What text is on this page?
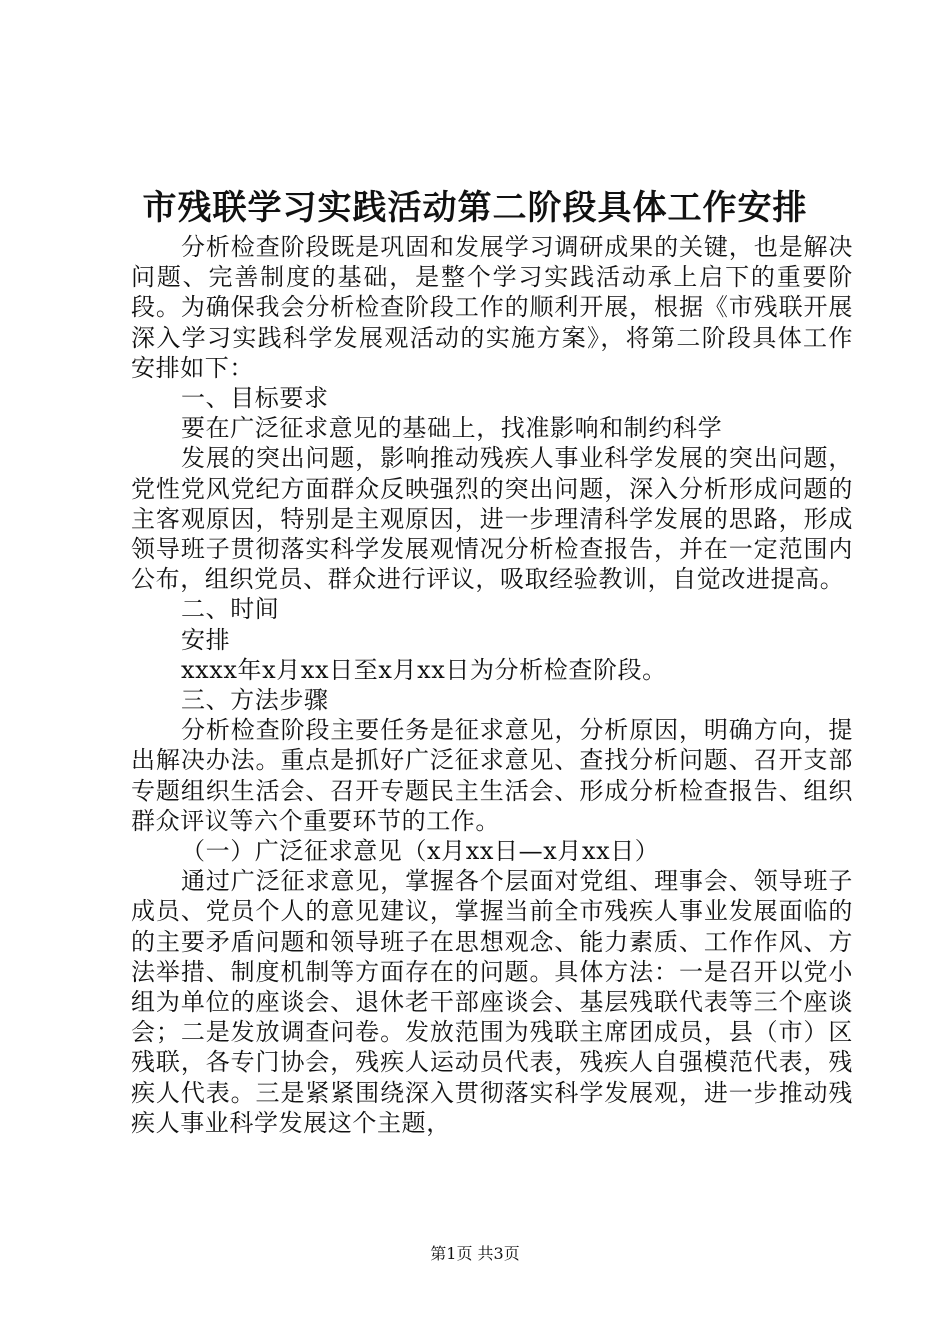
市残联学习实践活动第二阶段具体工作安排

分析检查阶段既是巩固和发展学习调研成果的关键，也是解决问题、完善制度的基础，是整个学习实践活动承上启下的重要阶段。为确保我会分析检查阶段工作的顺利开展，根据《市残联开展深入学习实践科学发展观活动的实施方案》，将第二阶段具体工作安排如下：

一、目标要求

要在广泛征求意见的基础上，找准影响和制约科学

发展的突出问题，影响推动残疾人事业科学发展的突出问题，党性党风党纪方面群众反映强烈的突出问题，深入分析形成问题的主客观原因，特别是主观原因，进一步理清科学发展的思路，形成领导班子贯彻落实科学发展观情况分析检查报告，并在一定范围内公布，组织党员、群众进行评议，吸取经验教训，自觉改进提高。

二、时间

安排

xxxx年x月xx日至x月xx日为分析检查阶段。

三、方法步骤

分析检查阶段主要任务是征求意见，分析原因，明确方向，提出解决办法。重点是抓好广泛征求意见、查找分析问题、召开支部专题组织生活会、召开专题民主生活会、形成分析检查报告、组织群众评议等六个重要环节的工作。

（一）广泛征求意见（x月xx日—x月xx日）

通过广泛征求意见，掌握各个层面对党组、理事会、领导班子成员、党员个人的意见建议，掌握当前全市残疾人事业发展面临的的主要矛盾问题和领导班子在思想观念、能力素质、工作作风、方法举措、制度机制等方面存在的问题。具体方法：一是召开以党小组为单位的座谈会、退休老干部座谈会、基层残联代表等三个座谈会；二是发放调查问卷。发放范围为残联主席团成员，县（市）区残联，各专门协会，残疾人运动员代表，残疾人自强模范代表，残疾人代表。三是紧紧围绕深入贯彻落实科学发展观，进一步推动残疾人事业科学发展这个主题，

第1页 共3页
